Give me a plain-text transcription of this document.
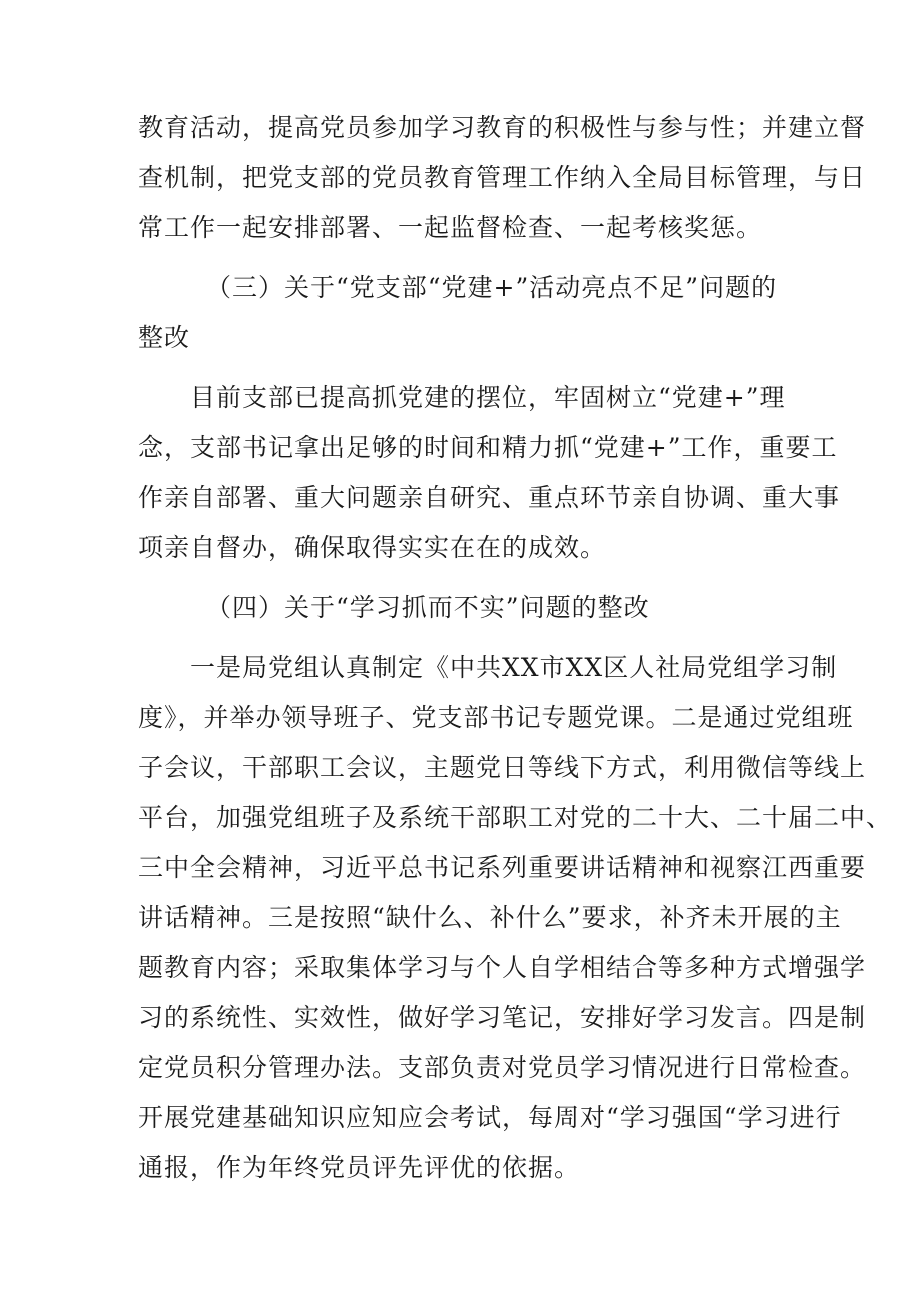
教育活动，提高党员参加学习教育的积极性与参与性；并建立督
查机制，把党支部的党员教育管理工作纳入全局目标管理，与日
常工作一起安排部署、一起监督检查、一起考核奖惩。
（三）关于“党支部“党建+”活动亮点不足”问题的
整改
目前支部已提高抓党建的摆位，牢固树立“党建+”理
念，支部书记拿出足够的时间和精力抓“党建+”工作，重要工
作亲自部署、重大问题亲自研究、重点环节亲自协调、重大事
项亲自督办，确保取得实实在在的成效。
（四）关于“学习抓而不实”问题的整改
一是局党组认真制定《中共XX市XX区人社局党组学习制
度》，并举办领导班子、党支部书记专题党课。二是通过党组班
子会议，干部职工会议，主题党日等线下方式，利用微信等线上
平台，加强党组班子及系统干部职工对党的二十大、二十届二中、
三中全会精神，习近平总书记系列重要讲话精神和视察江西重要
讲话精神。三是按照“缺什么、补什么”要求，补齐未开展的主
题教育内容；采取集体学习与个人自学相结合等多种方式增强学
习的系统性、实效性，做好学习笔记，安排好学习发言。四是制
定党员积分管理办法。支部负责对党员学习情况进行日常检查。
开展党建基础知识应知应会考试，每周对“学习强国“学习进行
通报，作为年终党员评先评优的依据。
